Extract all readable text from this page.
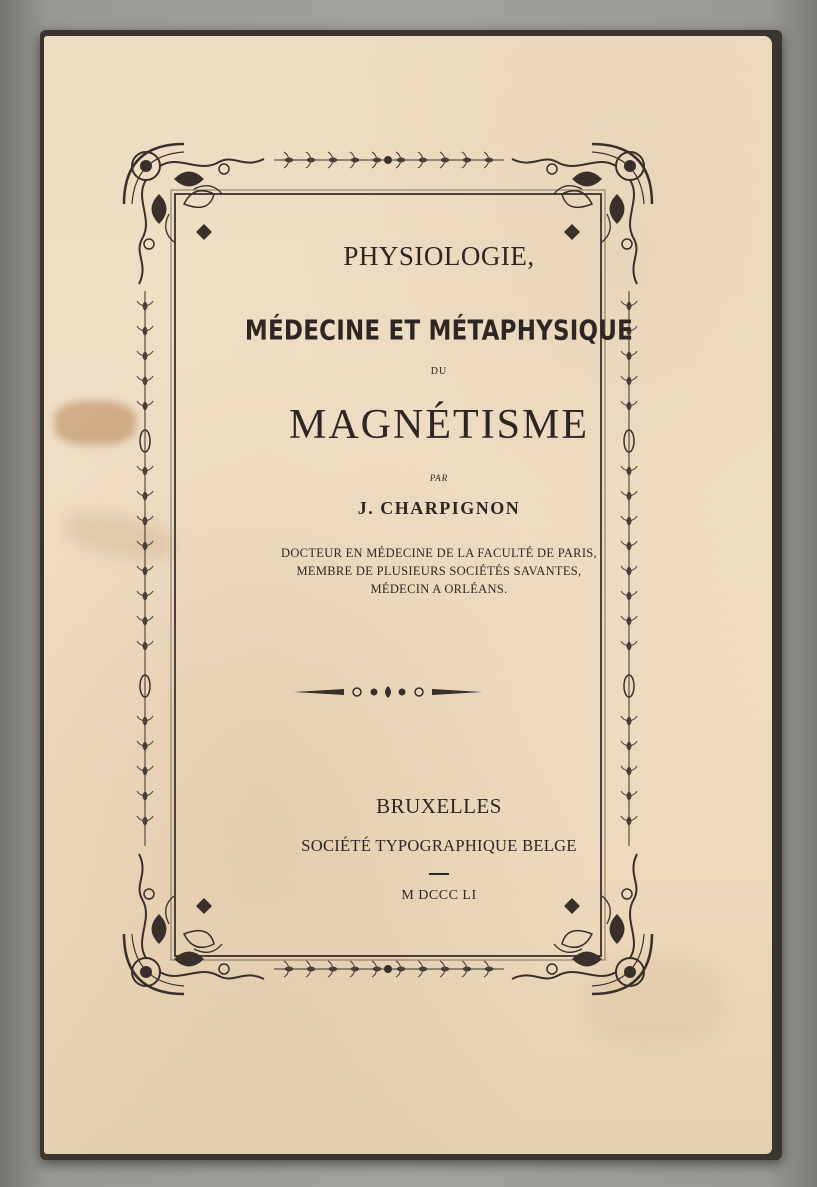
PHYSIOLOGIE,
MÉDECINE ET MÉTAPHYSIQUE
DU
MAGNÉTISME
PAR
J. CHARPIGNON
DOCTEUR EN MÉDECINE DE LA FACULTÉ DE PARIS,
MEMBRE DE PLUSIEURS SOCIÉTÉS SAVANTES,
MÉDECIN A ORLÉANS.
BRUXELLES
SOCIÉTÉ TYPOGRAPHIQUE BELGE
M DCCC LI
